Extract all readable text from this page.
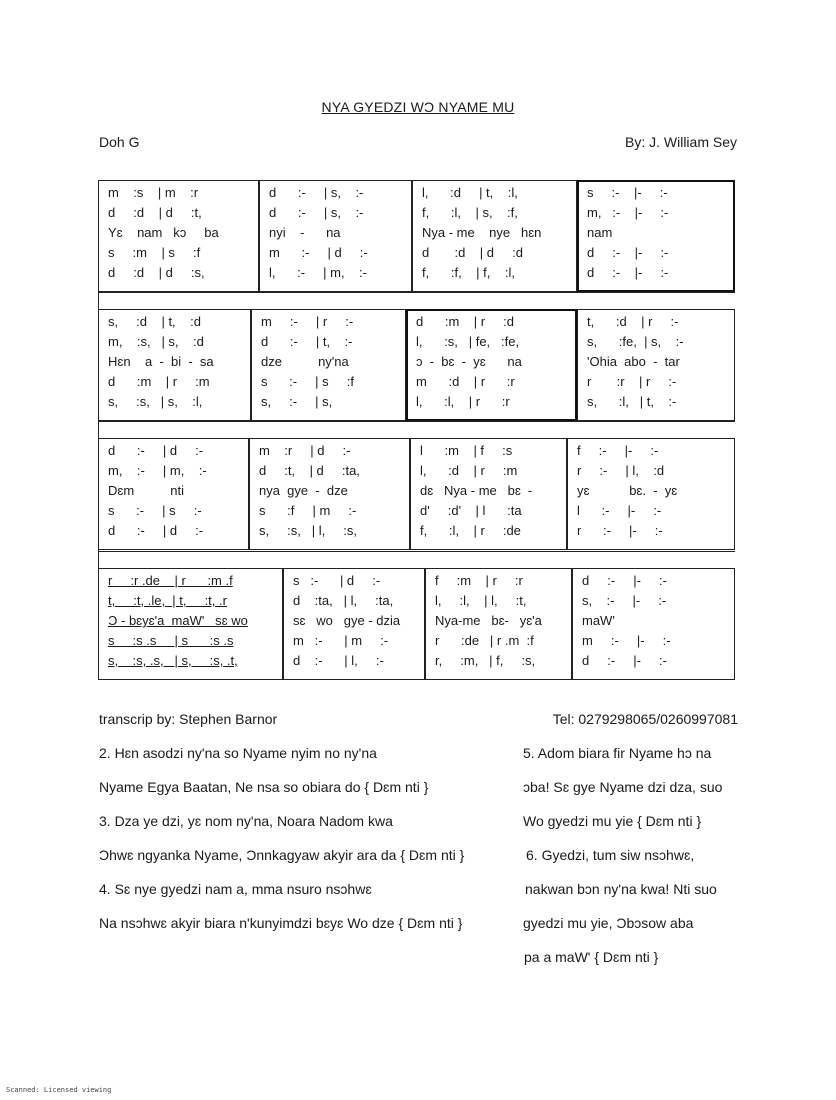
NYA GYEDZI WƆ NYAME MU
Doh G	By: J. William Sey
m    :s    | m    :r
d     :d    | d     :t,
Yɛ    nam   kɔ     ba
s     :m    | s     :f
d     :d    | d     :s,
d      :-     | s,    :-
d      :-     | s,    :-
nyi    -      na
m      :-     | d     :-
l,      :-     | m,    :-
l,      :d     | t,    :l,
f,      :l,    | s,    :f,
Nya - me    nye   hɛn
d       :d    | d     :d
f,      :f,    | f,    :l,
s     :-    |-     :-
m,   :-    |-     :-
nam
d     :-    |-     :-
d     :-    |-     :-
s,     :d    | t,    :d
m,    :s,   | s,    :d
Hɛn    a  -  bi  -  sa
d      :m    | r     :m
s,     :s,   | s,    :l,
m     :-     | r     :-
d      :-     | t,    :-
dze          ny'na
s      :-     | s     :f
s,     :-     | s,
d      :m    | r     :d
l,      :s,   | fe,   :fe,
ɔ  -  bɛ  -  yɛ      na
m      :d    | r      :r
l,      :l,    | r      :r
t,      :d    | r     :-
s,      :fe,  | s,    :-
'Ohia  abo  -  tar
r       :r    | r     :-
s,      :l,   | t,    :-
d      :-     | d     :-
m,    :-     | m,    :-
Dɛm          nti
s      :-     | s     :-
d      :-     | d     :-
m    :r     | d     :-
d     :t,    | d     :ta,
nya  gye  -  dze
s      :f     | m     :-
s,     :s,   | l,     :s,
l      :m    | f     :s
l,      :d    | r     :m
dɛ   Nya - me   bɛ  -
d'     :d'    | l      :ta
f,      :l,    | r     :de
f     :-     |-     :-
r     :-     | l,    :d
yɛ           bɛ.  -  yɛ
l      :-     |-     :-
r      :-     |-     :-
r     :r .de    | r      :m .f
t,     :t, .le,  | t,     :t, .r
Ɔ - bɛyɛ'a  maW'   sɛ wo
s     :s .s     | s      :s .s
s,    :s, .s,   | s,     :s, .t,
s   :-      | d     :-
d    :ta,   | l,     :ta,
sɛ   wo   gye - dzia
m   :-      | m     :-
d    :-      | l,     :-
f     :m    | r     :r
l,     :l,    | l,     :t,
Nya-me   bɛ-   yɛ'a
r      :de   | r .m  :f
r,     :m,   | f,     :s,
d     :-     |-     :-
s,    :-     |-     :-
maW'
m     :-     |-     :-
d     :-     |-     :-
transcrip by: Stephen Barnor	Tel: 0279298065/0260997081
2. Hɛn asodzi ny'na so Nyame nyim no ny'na
Nyame Egya Baatan, Ne nsa so obiara do { Dɛm nti }
3. Dza ye dzi, yɛ nom ny'na, Noara Nadom kwa
Ɔhwɛ ngyanka Nyame, Ɔnnkagyaw akyir ara da { Dɛm nti }
4. Sɛ nye gyedzi nam a, mma nsuro nsɔhwɛ
Na nsɔhwɛ akyir biara n'kunyimdzi bɛyɛ Wo dze { Dɛm nti }
5. Adom biara fir Nyame hɔ na
ɔba! Sɛ gye Nyame dzi dza, suo
Wo gyedzi mu yie { Dɛm nti }
6. Gyedzi, tum siw nsɔhwɛ,
nakwan bɔn ny'na kwa! Nti suo
gyedzi mu yie, Ɔbɔsow aba
pa a maW' { Dɛm nti }
Scanned: Licensed viewing
